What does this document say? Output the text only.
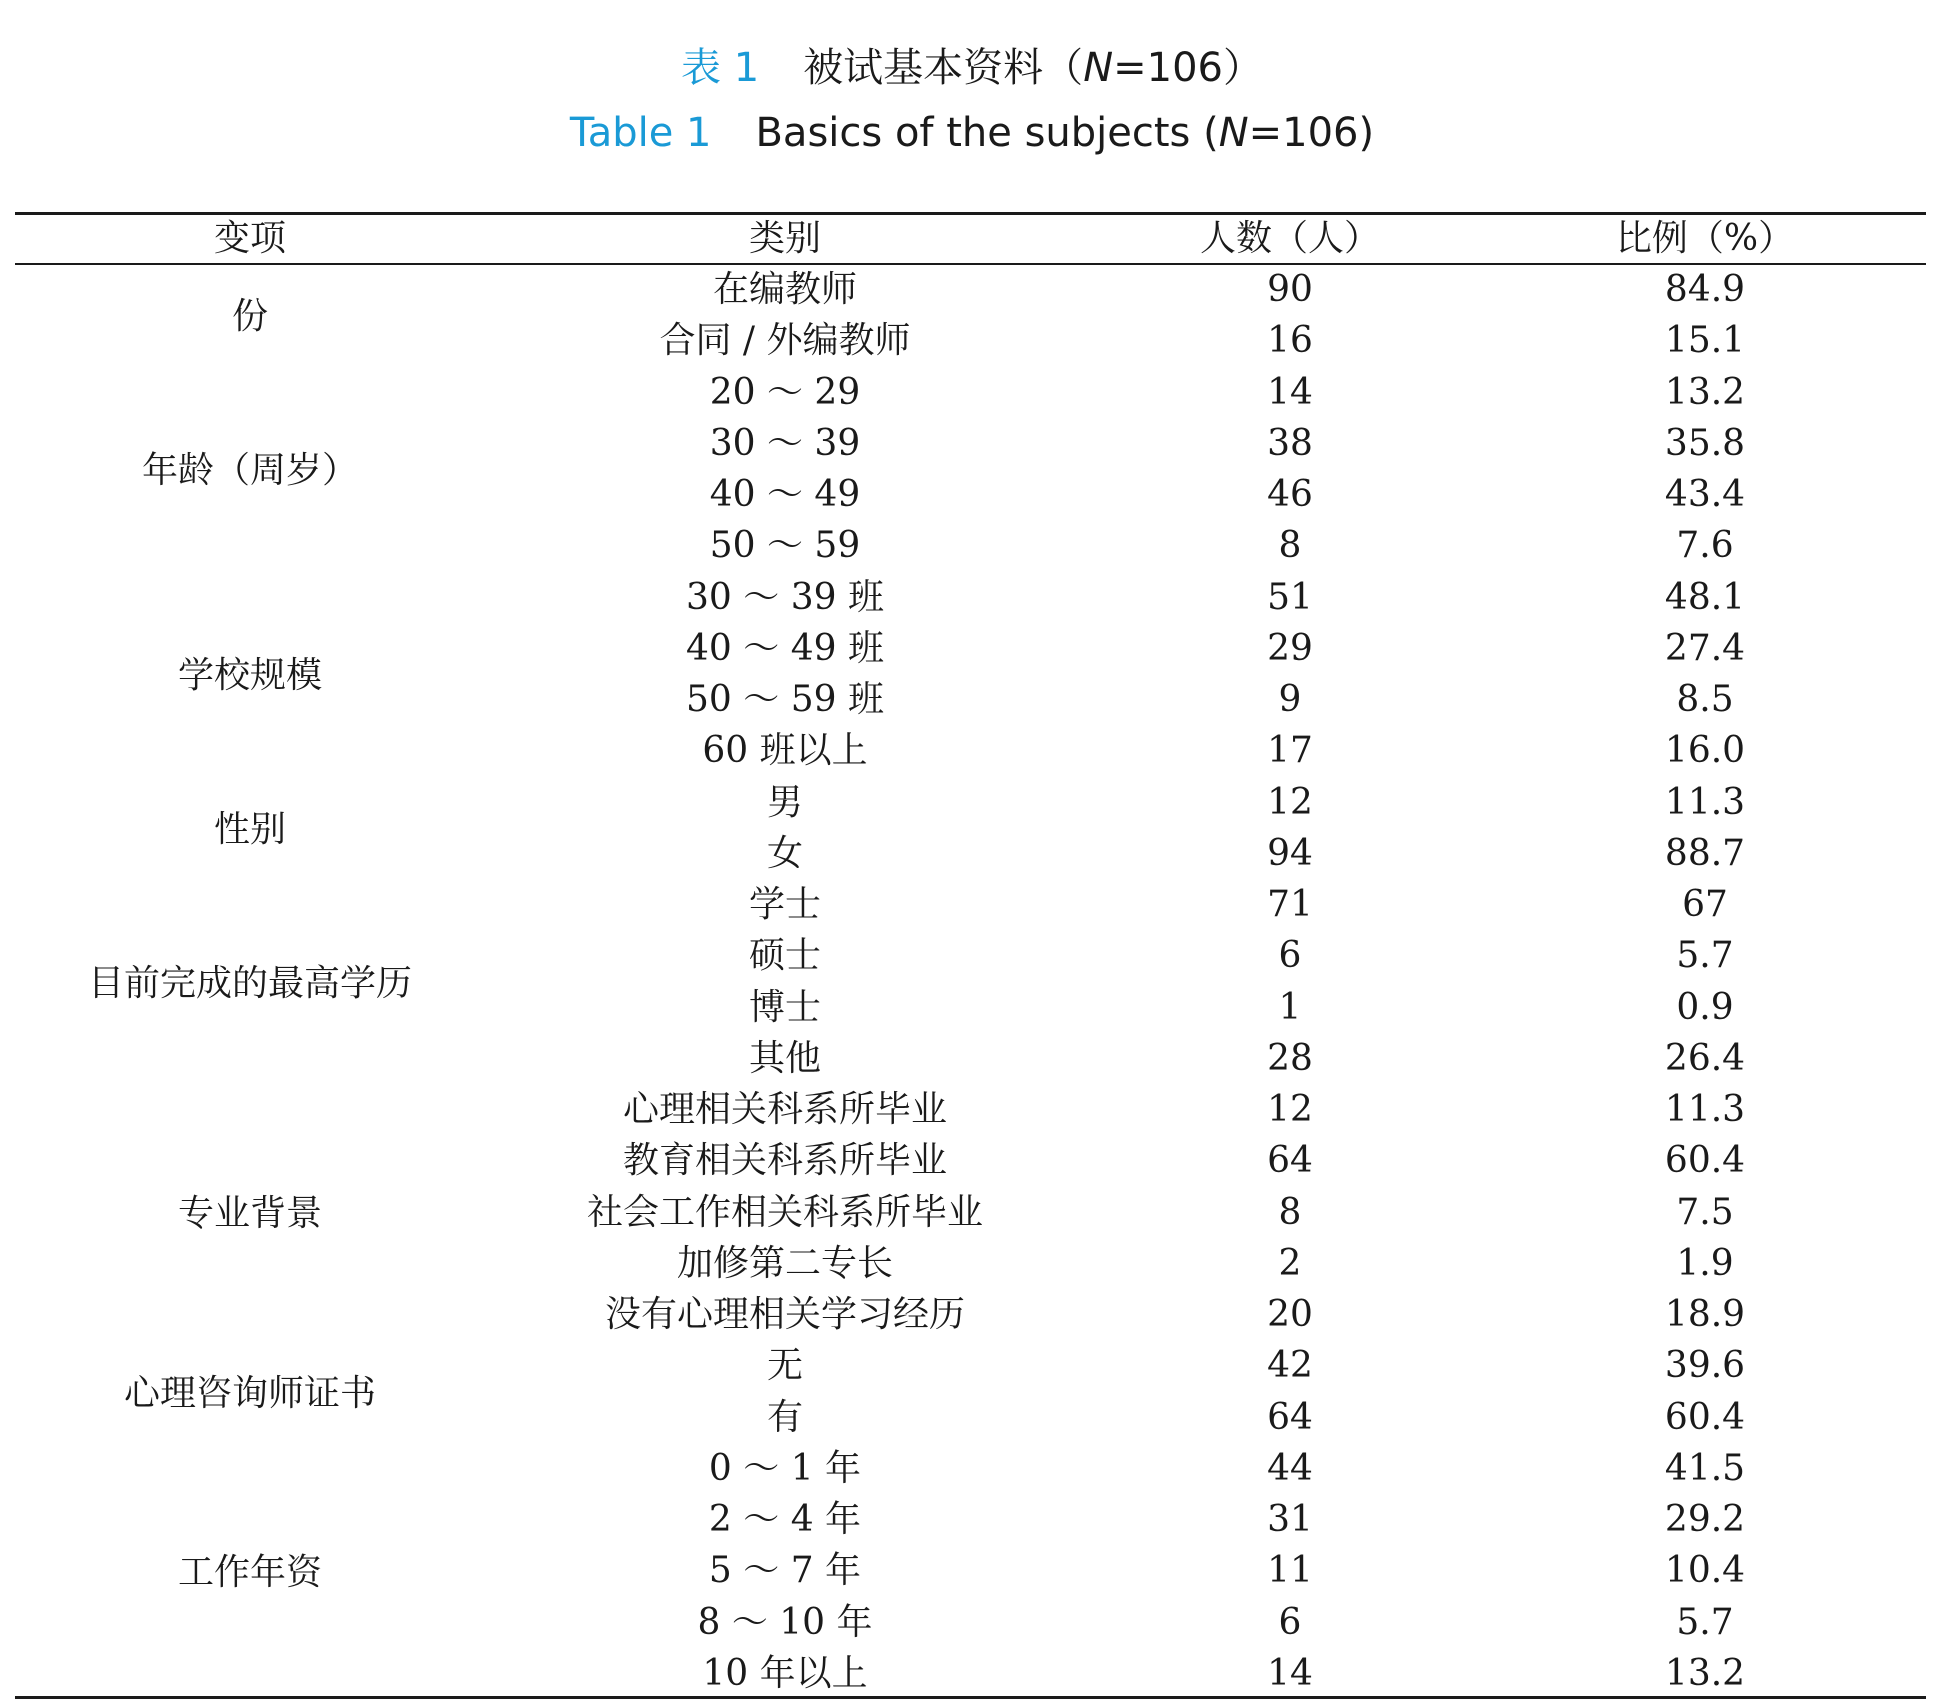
表 1 被试基本资料（N=106）
Table 1 Basics of the subjects (N=106)
变项	类别	人数（人）	比例（%）
份
在编教师	90	84.9
合同 / 外编教师	16	15.1
年龄（周岁）
20 ～ 29	14	13.2
30 ～ 39	38	35.8
40 ～ 49	46	43.4
50 ～ 59	8	7.6
学校规模
30 ～ 39 班	51	48.1
40 ～ 49 班	29	27.4
50 ～ 59 班	9	8.5
60 班以上	17	16.0
性别
男	12	11.3
女	94	88.7
目前完成的最高学历
学士	71	67
硕士	6	5.7
博士	1	0.9
其他	28	26.4
专业背景
心理相关科系所毕业	12	11.3
教育相关科系所毕业	64	60.4
社会工作相关科系所毕业	8	7.5
加修第二专长	2	1.9
没有心理相关学习经历	20	18.9
心理咨询师证书
无	42	39.6
有	64	60.4
工作年资
0 ～ 1 年	44	41.5
2 ～ 4 年	31	29.2
5 ～ 7 年	11	10.4
8 ～ 10 年	6	5.7
10 年以上	14	13.2
